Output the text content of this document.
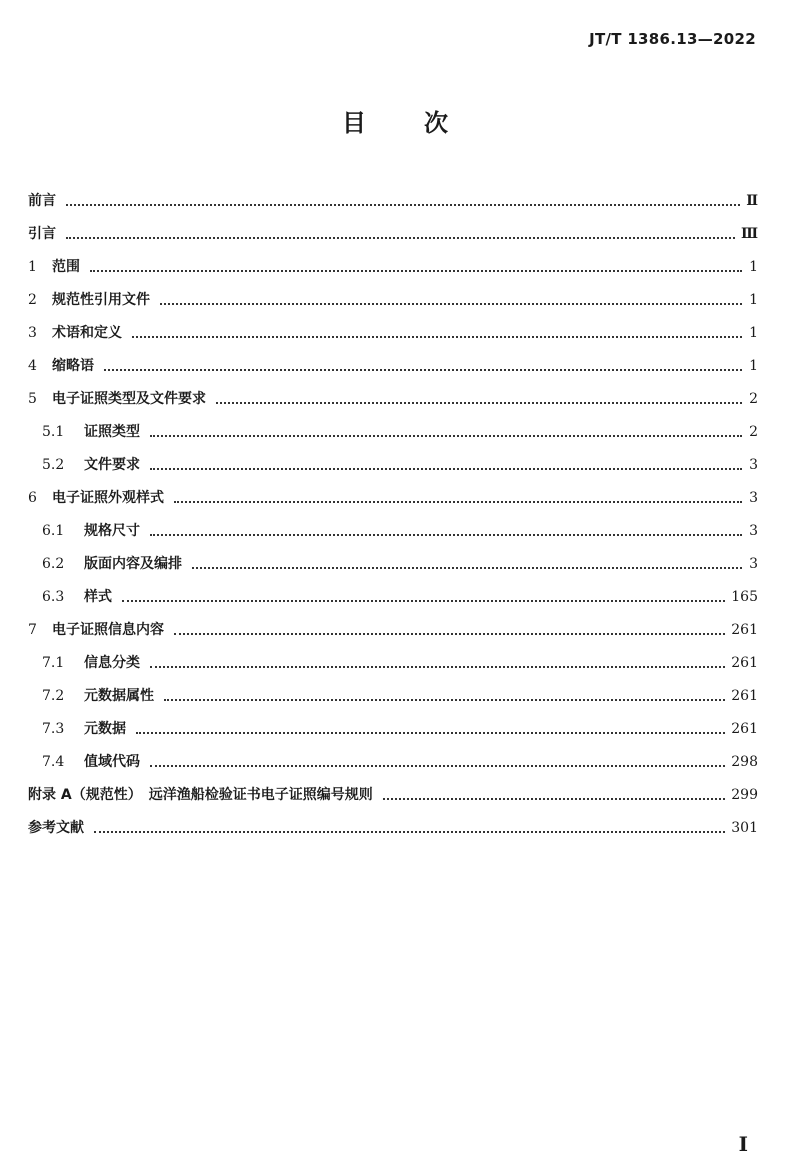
JT/T 1386.13—2022
目 次
前言	Ⅱ
引言	Ⅲ
1	范围	1
2	规范性引用文件	1
3	术语和定义	1
4	缩略语	1
5	电子证照类型及文件要求	2
5.1	证照类型	2
5.2	文件要求	3
6	电子证照外观样式	3
6.1	规格尺寸	3
6.2	版面内容及编排	3
6.3	样式	165
7	电子证照信息内容	261
7.1	信息分类	261
7.2	元数据属性	261
7.3	元数据	261
7.4	值域代码	298
附录 A（规范性）　远洋渔船检验证书电子证照编号规则	299
参考文献	301
I
